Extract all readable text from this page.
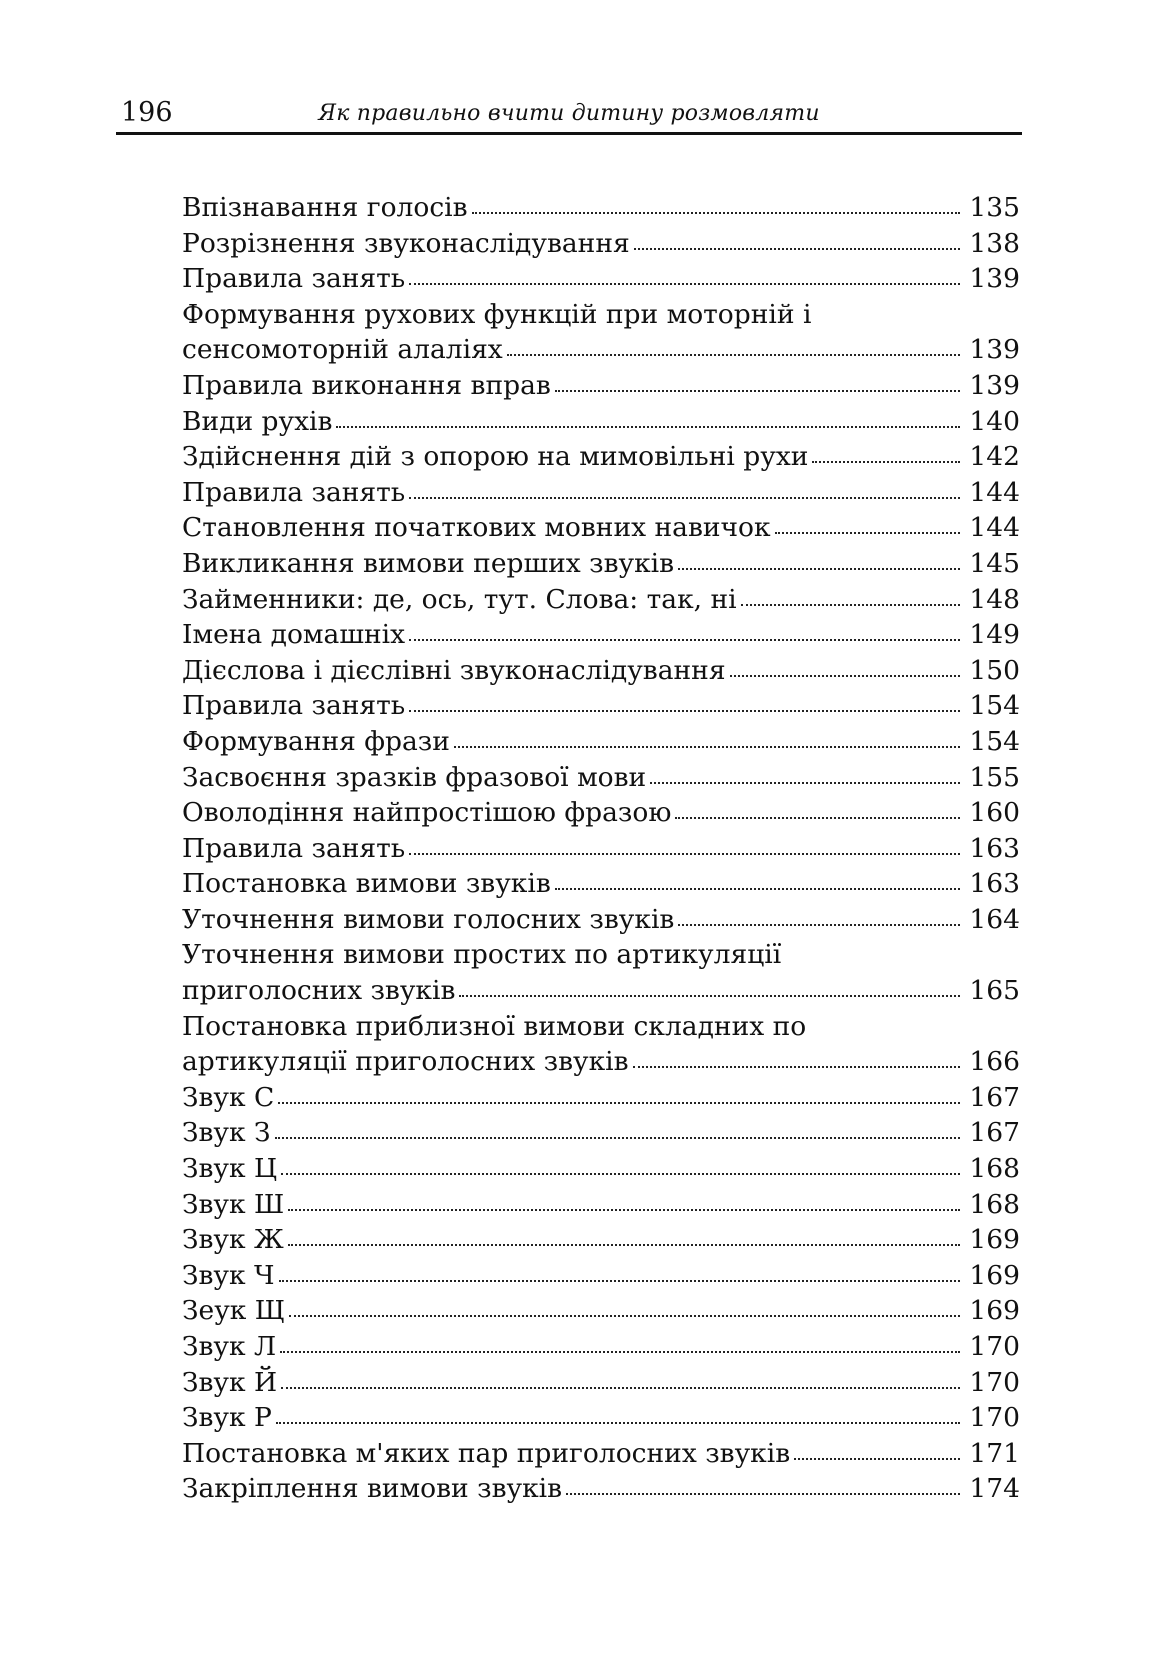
196	Як правильно вчити дитину розмовляти
Впізнавання голосів	135
Розрізнення звуконаслідування	138
Правила занять	139
Формування рухових функцій при моторній і
сенсомоторній алаліях	139
Правила виконання вправ	139
Види рухів	140
Здійснення дій з опорою на мимовільні рухи	142
Правила занять	144
Становлення початкових мовних навичок	144
Викликання вимови перших звуків	145
Займенники: де, ось, тут. Слова: так, ні	148
Імена домашніх	149
Дієслова і дієслівні звуконаслідування	150
Правила занять	154
Формування фрази	154
Засвоєння зразків фразової мови	155
Оволодіння найпростішою фразою	160
Правила занять	163
Постановка вимови звуків	163
Уточнення вимови голосних звуків	164
Уточнення вимови простих по артикуляції
приголосних звуків	165
Постановка приблизної вимови складних по
артикуляції приголосних звуків	166
Звук С	167
Звук З	167
Звук Ц	168
Звук Ш	168
Звук Ж	169
Звук Ч	169
Зеук Щ	169
Звук Л	170
Звук Й	170
Звук Р	170
Постановка м'яких пар приголосних звуків	171
Закріплення вимови звуків	174
